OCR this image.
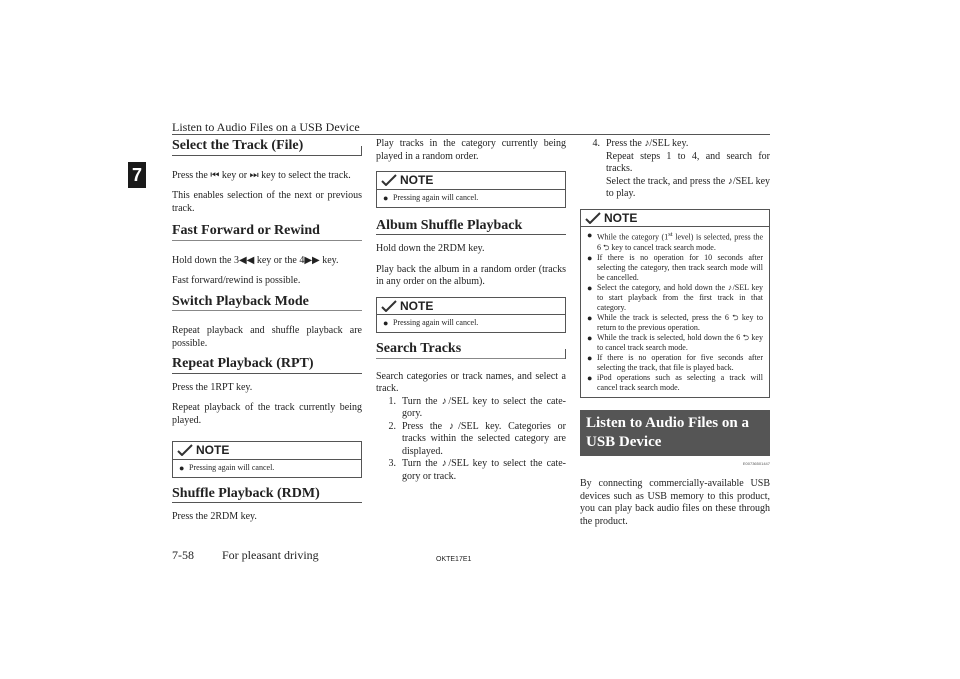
Listen to Audio Files on a USB Device
7
Select the Track (File)

Press the ⏮ key or ⏭ key to select the track.

This enables selection of the next or previous track.

Fast Forward or Rewind

Hold down the 3◀◀ key or the 4▶▶ key.

Fast forward/rewind is possible.

Switch Playback Mode

Repeat playback and shuffle playback are possible.

Repeat Playback (RPT)

Press the 1RPT key.

Repeat playback of the track currently being played.

NOTE
●
Pressing again will cancel.
Shuffle Playback (RDM)

Press the 2RDM key.

Play tracks in the category currently being played in a random order.

NOTE
●
Pressing again will cancel.
Album Shuffle Playback

Hold down the 2RDM key.

Play back the album in a random order (tracks in any order on the album).

NOTE
●
Pressing again will cancel.
Search Tracks

Search categories or track names, and select a track.

1. Turn the ♪/SEL key to select the cate-gory.

2. Press the ♪/SEL key. Categories or tracks within the selected category are displayed.

3. Turn the ♪/SEL key to select the cate-gory or track.

4. Press the ♪/SEL key.

Repeat steps 1 to 4, and search for tracks.

Select the track, and press the ♪/SEL key to play.

NOTE
●
While the category (1st level) is selected, press the 6 ⮌ key to cancel track search mode.
●
If there is no operation for 10 seconds after selecting the category, then track search mode will be cancelled.
●
Select the category, and hold down the ♪/SEL key to start playback from the first track in that category.
●
While the track is selected, press the 6 ⮌ key to return to the previous operation.
●
While the track is selected, hold down the 6 ⮌ key to cancel track search mode.
●
If there is no operation for five seconds after selecting the track, that file is played back.
●
iPod operations such as selecting a track will cancel track search mode.
Listen to Audio Files on a USB Device
E00736501447

By connecting commercially-available USB devices such as USB memory to this product, you can play back audio files on these through the product.

7-58 For pleasant driving	OKTE17E1
